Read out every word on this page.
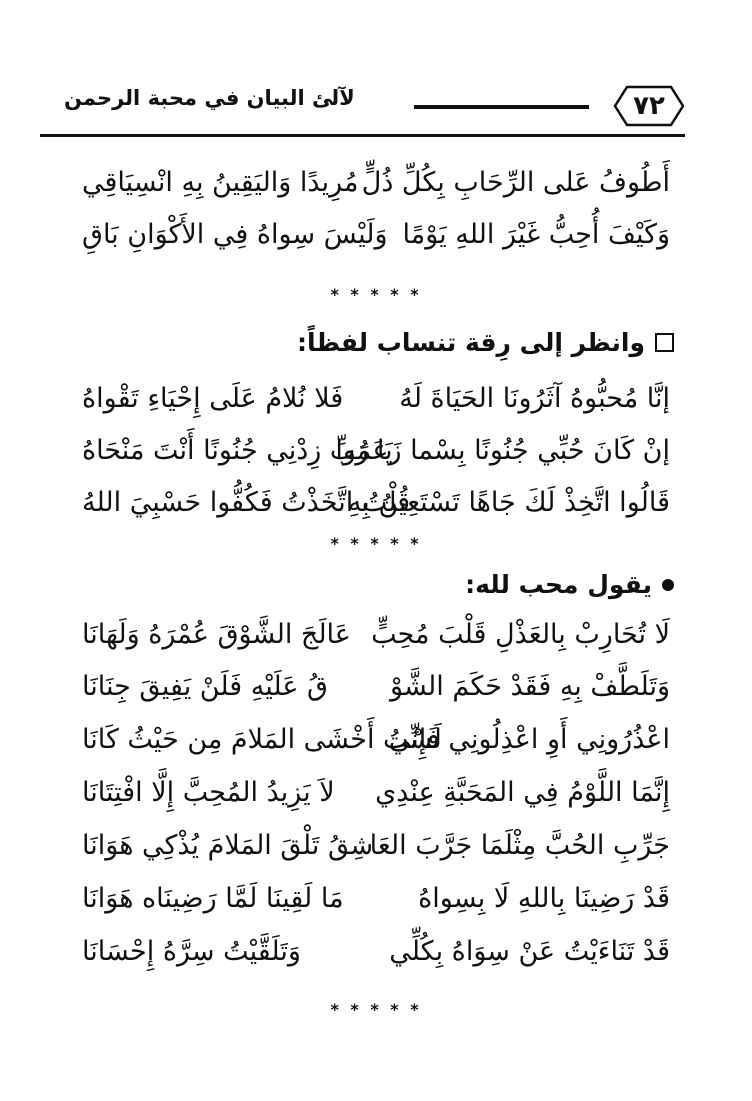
٧٢
لآلئ البيان في محبة الرحمن
أَطُوفُ عَلى الرِّحَابِ بِكُلِّ ذُلٍّ
مُرِيدًا وَاليَقِينُ بِهِ انْسِيَاقِي
وَكَيْفَ أُحِبُّ غَيْرَ اللهِ يَوْمًا
وَلَيْسَ سِواهُ فِي الأَكْوَانِ بَاقِ
* * * * *
وانظر إلى رِقة تنساب لفظاً:
إنَّا مُحبُّوهُ آثَرُونَا الحَيَاةَ لَهُ
فَلا نُلامُ عَلَى إِحْيَاءِ تَقْواهُ
إنْ كَانَ حُبِّي جُنُونًا بِسْما زَعَمُوا
يَا رَبِّ زِدْنِي جُنُونًا أَنْتَ مَنْحَاهُ
قَالُوا اتَّخِذْ لَكَ جَاهًا تَسْتَعِينُ بِهِ
قُلْتُ اتَّخَذْتُ فَكُفُّوا حَسْبِيَ اللهُ
* * * * *
يقول محب لله:
لَا تُحَارِبْ بِالعَذْلِ قَلْبَ مُحِبٍّ
عَالَجَ الشَّوْقَ عُمْرَهُ وَلَهَانَا
وَتَلَطَّفْ بِهِ فَقَدْ حَكَمَ الشَّوْ
قُ عَلَيْهِ فَلَنْ يَفِيقَ جِنَانَا
اعْذُرُونِي أَوِ اعْذِلُونِي فَإِنِّي
لَسْتُ أَخْشَى المَلامَ مِن حَيْثُ كَانَا
إِنَّمَا اللَّوْمُ فِي المَحَبَّةِ عِنْدِي
لاَ يَزِيدُ المُحِبَّ إِلَّا افْتِتَانَا
جَرِّبِ الحُبَّ مِثْلَمَا جَرَّبَ العَا
شِقُ تَلْقَ المَلامَ يُذْكِي هَوَانَا
قَدْ رَضِينَا بِاللهِ لَا بِسِواهُ
مَا لَقِينَا لَمَّا رَضِينَاه هَوَانَا
قَدْ تَنَاءَيْتُ عَنْ سِوَاهُ بِكُلِّي
وَتَلَقَّيْتُ سِرَّهُ إِحْسَانَا
* * * * *
